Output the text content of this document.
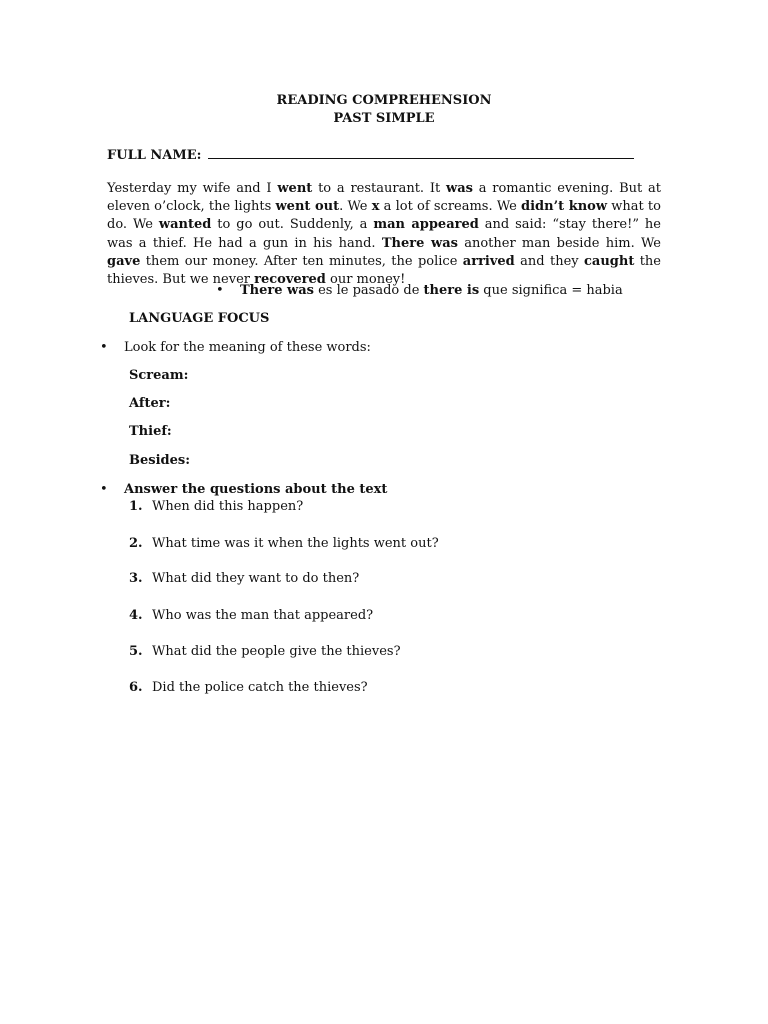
READING COMPREHENSION
PAST SIMPLE
FULL NAME:
Yesterday my wife and I went to a restaurant. It was a romantic evening. But at eleven o’clock, the lights went out. We x a lot of screams. We didn’t know what to do. We wanted to go out. Suddenly, a man appeared and said: “stay there!” he was a thief. He had a gun in his hand. There was another man beside him. We gave them our money. After ten minutes, the police arrived and they caught the thieves. But we never recovered our money!
• There was es le pasado de there is que significa = habia
LANGUAGE FOCUS
• Look for the meaning of these words:
Scream:
After:
Thief:
Besides:
• Answer the questions about the text
1. When did this happen?
2. What time was it when the lights went out?
3. What did they want to do then?
4. Who was the man that appeared?
5. What did the people give the thieves?
6. Did the police catch the thieves?
